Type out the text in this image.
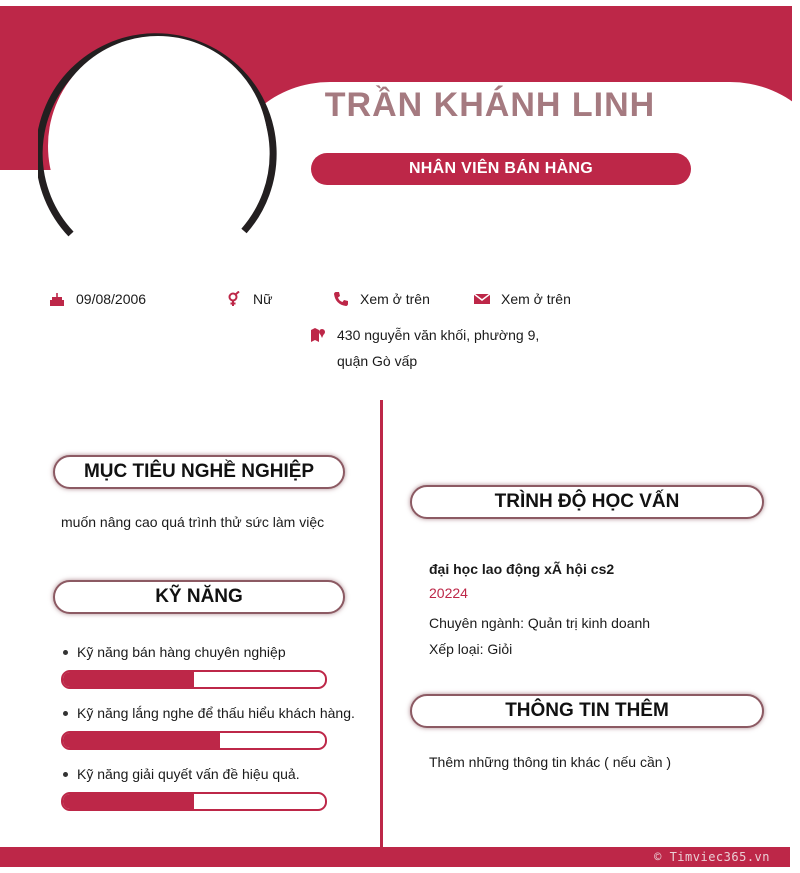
TRẦN KHÁNH LINH
NHÂN VIÊN BÁN HÀNG
09/08/2006	Nữ	Xem ở trên	Xem ở trên
430 nguyễn văn khối, phường 9,
quận Gò vấp
MỤC TIÊU NGHỀ NGHIỆP
muốn nâng cao quá trình thử sức làm việc
KỸ NĂNG
Kỹ năng bán hàng chuyên nghiệp
Kỹ năng lắng nghe để thấu hiểu khách hàng.
Kỹ năng giải quyết vấn đề hiệu quả.
TRÌNH ĐỘ HỌC VẤN
đại học lao động xÃ hội cs2
20224
Chuyên ngành: Quản trị kinh doanh
Xếp loại: Giỏi
THÔNG TIN THÊM
Thêm những thông tin khác ( nếu cần )
© Timviec365.vn
